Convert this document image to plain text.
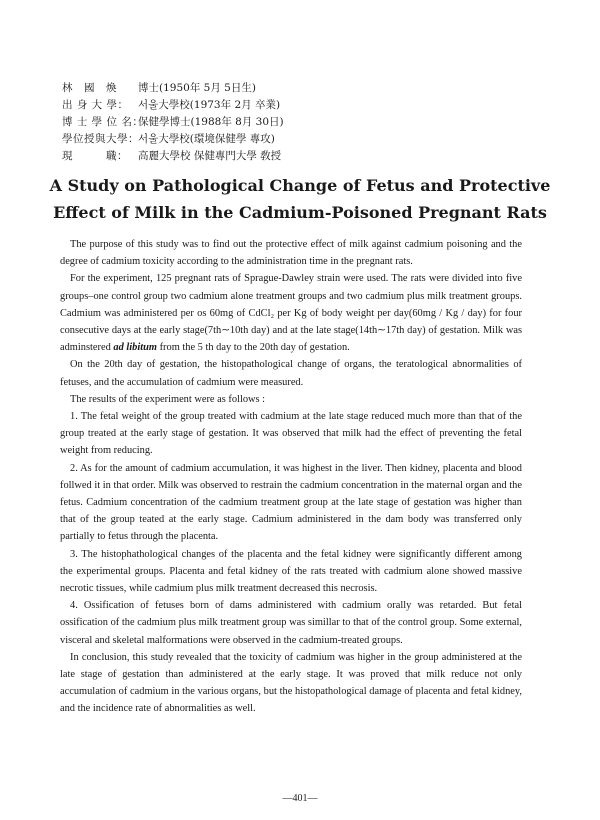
林　國　煥	博士(1950年 5月 5日生)
出 身 大 學： 서울大學校(1973年 2月 卒業)
博 士 學 位 名：
保健學博士(1988年 8月 30日)
學位授與大學： 서울大學校(環境保健學 專攻)
現　　　職： 高麗大學校 保健專門大學 敎授
A Study on Pathological Change of Fetus and Protective
Effect of Milk in the Cadmium-Poisoned Pregnant Rats

The purpose of this study was to find out the protective effect of milk against cadmium poisoning and the degree of cadmium toxicity according to the administration time in the pregnant rats.

For the experiment, 125 pregnant rats of Sprague-Dawley strain were used. The rats were divided into five groups–one control group two cadmium alone treatment groups and two cadmium plus milk treatment groups. Cadmium was administered per os 60mg of CdCl₂ per Kg of body weight per day(60mg / Kg / day) for four consecutive days at the early stage(7th∼10th day) and at the late stage(14th∼17th day) of gestation. Milk was adminstered ad libitum from the 5 th day to the 20th day of gestation.

On the 20th day of gestation, the histopathological change of organs, the teratological abnormalities of fetuses, and the accumulation of cadmium were measured.

The results of the experiment were as follows :

1. The fetal weight of the group treated with cadmium at the late stage reduced much more than that of the group treated at the early stage of gestation. It was observed that milk had the effect of preventing the fetal weight from reducing.

2. As for the amount of cadmium accumulation, it was highest in the liver. Then kidney, placenta and blood follwed it in that order. Milk was observed to restrain the cadmium concentration in the maternal organ and the fetus. Cadmium concentration of the cadmium treatment group at the late stage of gestation was higher than that of the group teated at the early stage. Cadmium administered in the dam body was transferred only partially to fetus through the placenta.

3. The histophathological changes of the placenta and the fetal kidney were significantly different among the experimental groups. Placenta and fetal kidney of the rats treated with cadmium alone showed massive necrotic tissues, while cadmium plus milk treatment decreased this necrosis.

4. Ossification of fetuses born of dams administered with cadmium orally was retarded. But fetal ossification of the cadmium plus milk treatment group was simillar to that of the control group. Some external, visceral and skeletal malformations were observed in the cadmium-treated groups.

In conclusion, this study revealed that the toxicity of cadmium was higher in the group administered at the late stage of gestation than administered at the early stage. It was proved that milk reduce not only accumulation of cadmium in the various organs, but the histopathological damage of placenta and fetal kidney, and the incidence rate of abnormalities as well.

—401—
